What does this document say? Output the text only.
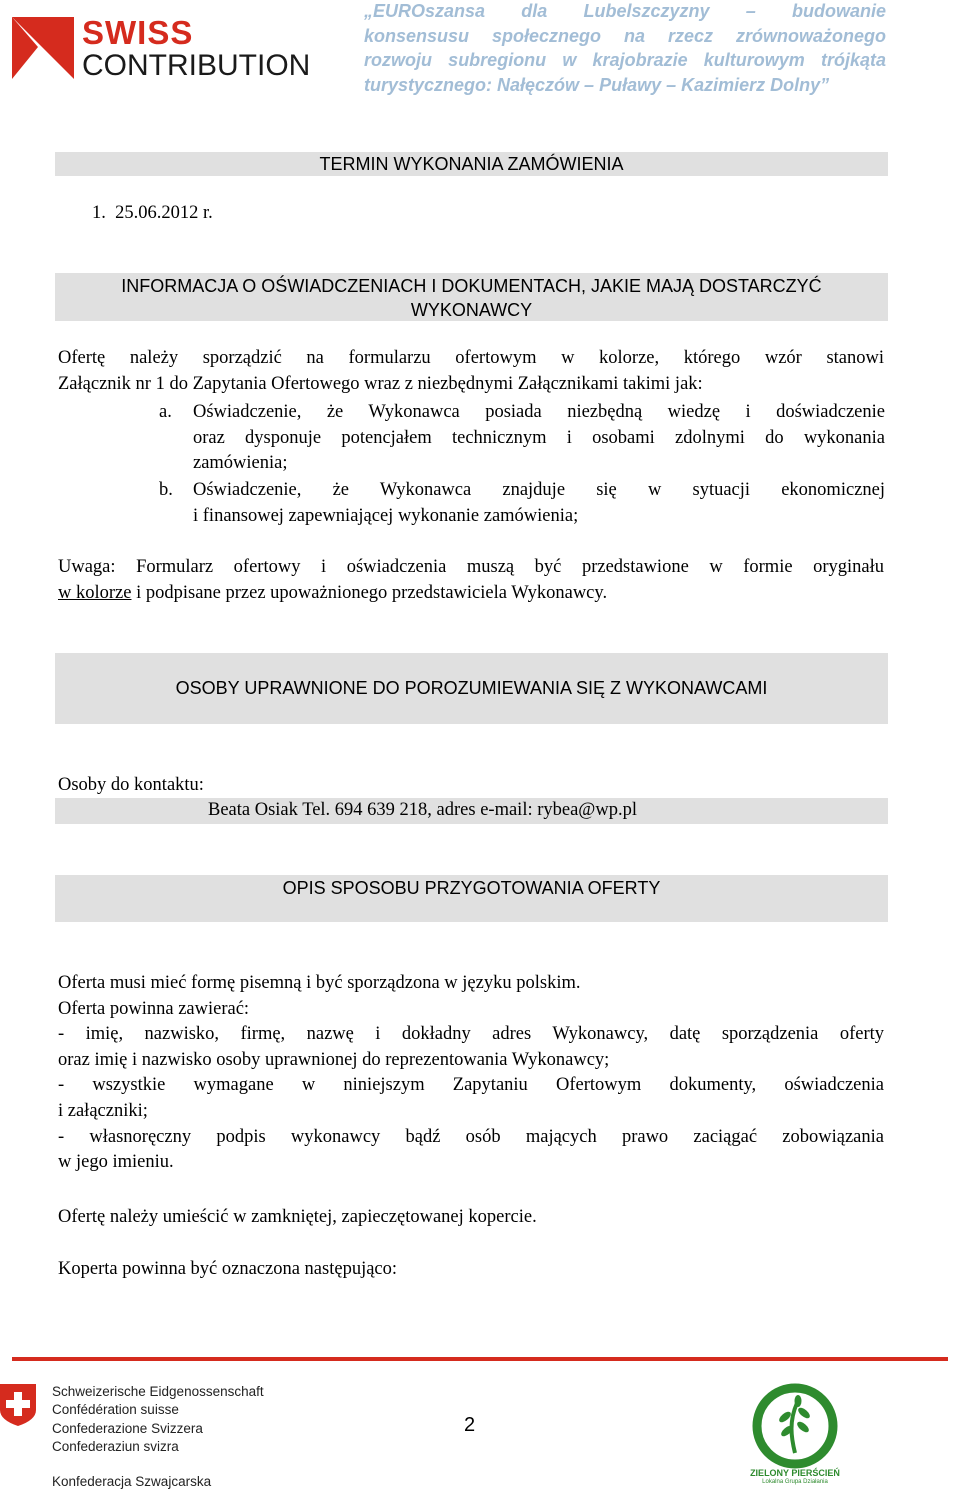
SWISS
CONTRIBUTION
„EUROszansa dla Lubelszczyzny – budowanie
konsensusu społecznego na rzecz zrównoważonego
rozwoju subregionu w krajobrazie kulturowym trójkąta
turystycznego: Nałęczów – Puławy – Kazimierz Dolny”
TERMIN WYKONANIA ZAMÓWIENIA
1.  25.06.2012 r.
INFORMACJA O OŚWIADCZENIACH I DOKUMENTACH, JAKIE MAJĄ DOSTARCZYĆ
WYKONAWCY
Ofertę należy sporządzić na formularzu ofertowym w kolorze, którego wzór stanowi
Załącznik nr 1 do Zapytania Ofertowego wraz z niezbędnymi Załącznikami takimi jak:
a. Oświadczenie, że Wykonawca posiada niezbędną wiedzę i doświadczenie
oraz dysponuje potencjałem technicznym i osobami zdolnymi do wykonania
zamówienia;
b. Oświadczenie, że Wykonawca znajduje się w sytuacji ekonomicznej
i finansowej zapewniającej wykonanie zamówienia;
Uwaga: Formularz ofertowy i oświadczenia muszą być przedstawione w formie oryginału
w kolorze i podpisane przez upoważnionego przedstawiciela Wykonawcy.
OSOBY UPRAWNIONE DO POROZUMIEWANIA SIĘ Z WYKONAWCAMI
Osoby do kontaktu:
Beata Osiak Tel. 694 639 218, adres e-mail: rybea@wp.pl
OPIS SPOSOBU PRZYGOTOWANIA OFERTY
Oferta musi mieć formę pisemną i być sporządzona w języku polskim.
Oferta powinna zawierać:
- imię, nazwisko, firmę, nazwę i dokładny adres Wykonawcy, datę sporządzenia oferty
oraz imię i nazwisko osoby uprawnionej do reprezentowania Wykonawcy;
- wszystkie wymagane w niniejszym Zapytaniu Ofertowym dokumenty, oświadczenia
i załączniki;
- własnoręczny podpis wykonawcy bądź osób mających prawo zaciągać zobowiązania
w jego imieniu.
Ofertę należy umieścić w zamkniętej, zapieczętowanej kopercie.
Koperta powinna być oznaczona następująco:
Schweizerische Eidgenossenschaft
Confédération suisse
Confederazione Svizzera
Confederaziun svizra
Konfederacja Szwajcarska
2
ZIELONY PIERŚCIEŃ
Lokalna Grupa Działania
